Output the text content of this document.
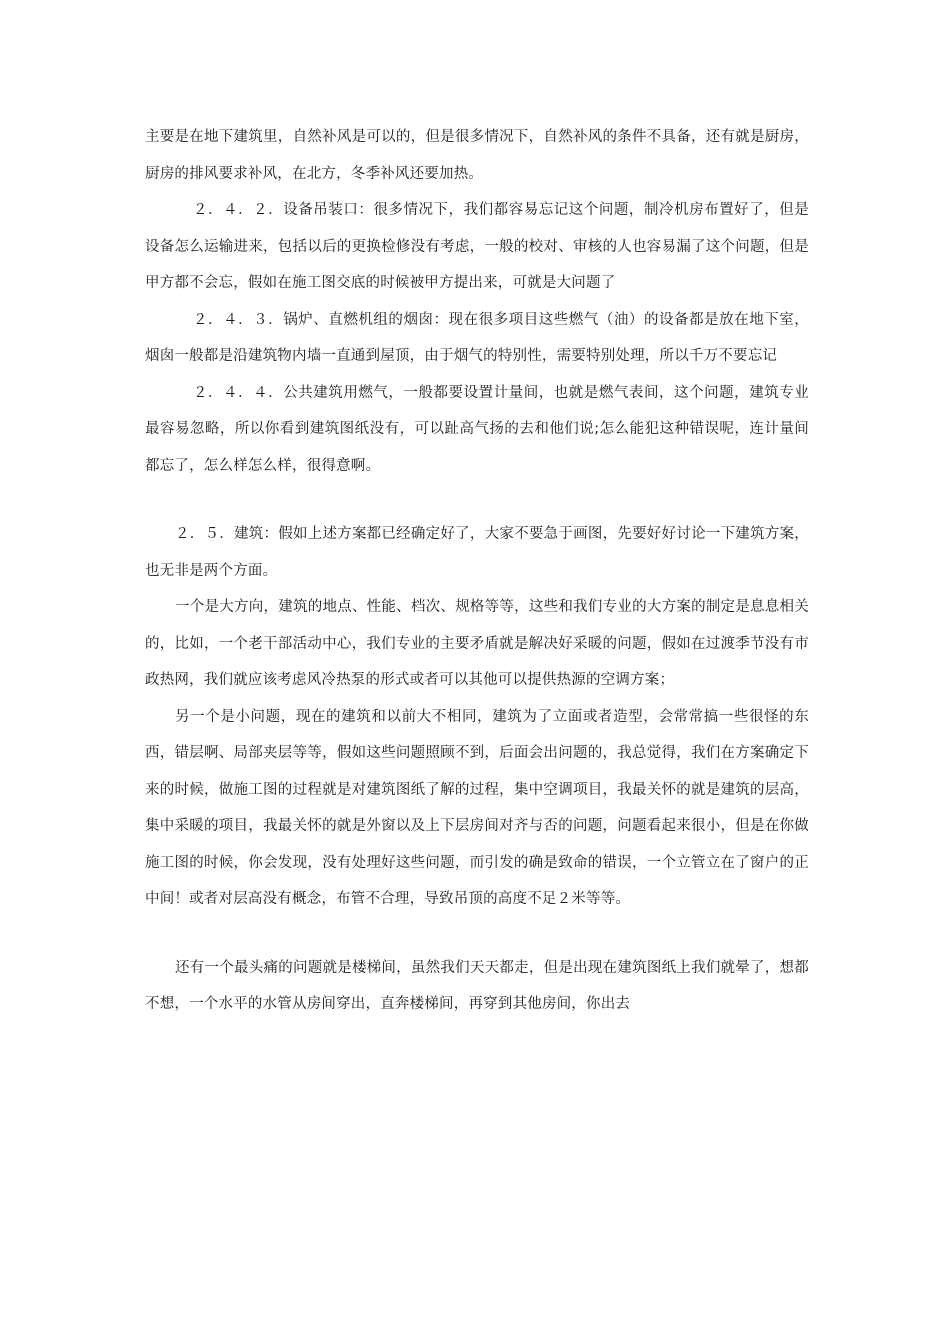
主要是在地下建筑里，自然补风是可以的，但是很多情况下，自然补风的条件不具备，还有就是厨房，厨房的排风要求补风，在北方，冬季补风还要加热。

２．４．２．设备吊装口：很多情况下，我们都容易忘记这个问题，制冷机房布置好了，但是设备怎么运输进来，包括以后的更换检修没有考虑，一般的校对、审核的人也容易漏了这个问题，但是甲方都不会忘，假如在施工图交底的时候被甲方提出来，可就是大问题了

２．４．３．锅炉、直燃机组的烟囱：现在很多项目这些燃气（油）的设备都是放在地下室，烟囱一般都是沿建筑物内墙一直通到屋顶，由于烟气的特别性，需要特别处理，所以千万不要忘记

２．４．４．公共建筑用燃气，一般都要设置计量间，也就是燃气表间，这个问题，建筑专业最容易忽略，所以你看到建筑图纸没有，可以趾高气扬的去和他们说;怎么能犯这种错误呢，连计量间都忘了，怎么样怎么样，很得意啊。

２．５．建筑：假如上述方案都已经确定好了，大家不要急于画图，先要好好讨论一下建筑方案，也无非是两个方面。

一个是大方向，建筑的地点、性能、档次、规格等等，这些和我们专业的大方案的制定是息息相关的，比如，一个老干部活动中心，我们专业的主要矛盾就是解决好采暖的问题，假如在过渡季节没有市政热网，我们就应该考虑风冷热泵的形式或者可以其他可以提供热源的空调方案；

另一个是小问题，现在的建筑和以前大不相同，建筑为了立面或者造型，会常常搞一些很怪的东西，错层啊、局部夹层等等，假如这些问题照顾不到，后面会出问题的，我总觉得，我们在方案确定下来的时候，做施工图的过程就是对建筑图纸了解的过程，集中空调项目，我最关怀的就是建筑的层高，集中采暖的项目，我最关怀的就是外窗以及上下层房间对齐与否的问题，问题看起来很小，但是在你做施工图的时候，你会发现，没有处理好这些问题，而引发的确是致命的错误，一个立管立在了窗户的正中间！或者对层高没有概念，布管不合理，导致吊顶的高度不足２米等等。

还有一个最头痛的问题就是楼梯间，虽然我们天天都走，但是出现在建筑图纸上我们就晕了，想都不想，一个水平的水管从房间穿出，直奔楼梯间，再穿到其他房间，你出去
